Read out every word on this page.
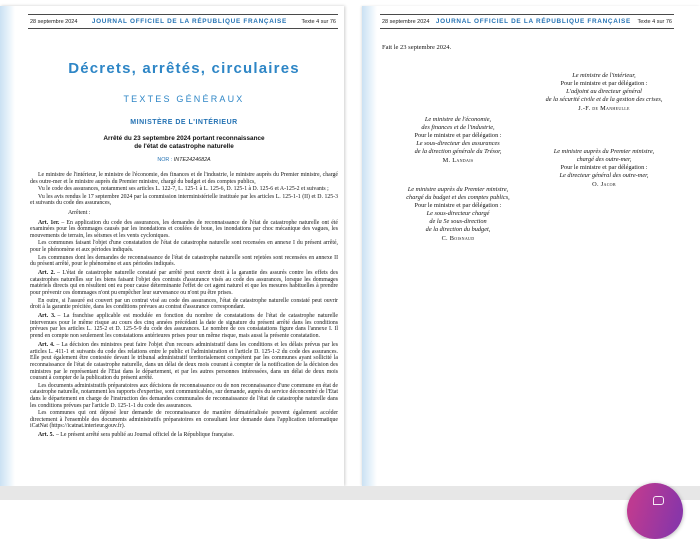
28 septembre 2024 JOURNAL OFFICIEL DE LA RÉPUBLIQUE FRANÇAISE	Texte 4 sur 76
Décrets, arrêtés, circulaires
TEXTES GÉNÉRAUX
MINISTÈRE DE L'INTÉRIEUR
Arrêté du 23 septembre 2024 portant reconnaissance
de l'état de catastrophe naturelle
NOR : INTE2424682A

Le ministre de l'intérieur, le ministre de l'économie, des finances et de l'industrie, le ministre auprès du Premier ministre, chargé des outre-mer et le ministre auprès du Premier ministre, chargé du budget et des comptes publics,

Vu le code des assurances, notamment ses articles L. 122-7, L. 125-1 à L. 125-6, D. 125-1 à D. 125-6 et A-125-2 et suivants ;

Vu les avis rendus le 17 septembre 2024 par la commission interministérielle instituée par les articles L. 125-1-1 (II) et D. 125-3 et suivants du code des assurances,

Arrêtent :

Art. 1er. – En application du code des assurances, les demandes de reconnaissance de l'état de catastrophe naturelle ont été examinées pour les dommages causés par les inondations et coulées de boue, les inondations par choc mécanique des vagues, les mouvements de terrain, les séismes et les vents cycloniques.

Les communes faisant l'objet d'une constatation de l'état de catastrophe naturelle sont recensées en annexe I du présent arrêté, pour le phénomène et aux périodes indiqués.

Les communes dont les demandes de reconnaissance de l'état de catastrophe naturelle sont rejetées sont recensées en annexe II du présent arrêté, pour le phénomène et aux périodes indiqués.

Art. 2. – L'état de catastrophe naturelle constaté par arrêté peut ouvrir droit à la garantie des assurés contre les effets des catastrophes naturelles sur les biens faisant l'objet des contrats d'assurance visés au code des assurances, lorsque les dommages matériels directs qui en résultent ont eu pour cause déterminante l'effet de cet agent naturel et que les mesures habituelles à prendre pour prévenir ces dommages n'ont pu empêcher leur survenance ou n'ont pu être prises.

En outre, si l'assuré est couvert par un contrat visé au code des assurances, l'état de catastrophe naturelle constaté peut ouvrir droit à la garantie précitée, dans les conditions prévues au contrat d'assurance correspondant.

Art. 3. – La franchise applicable est modulée en fonction du nombre de constatations de l'état de catastrophe naturelle intervenues pour le même risque au cours des cinq années précédant la date de signature du présent arrêté dans les conditions prévues par les articles L. 125-2 et D. 125-5-9 du code des assurances. Le nombre de ces constatations figure dans l'annexe I. Il prend en compte non seulement les constatations antérieures prises pour un même risque, mais aussi la présente constatation.

Art. 4. – La décision des ministres peut faire l'objet d'un recours administratif dans les conditions et les délais prévus par les articles L. 411-1 et suivants du code des relations entre le public et l'administration et l'article D. 125-1-2 du code des assurances. Elle peut également être contestée devant le tribunal administratif territorialement compétent par les communes ayant sollicité la reconnaissance de l'état de catastrophe naturelle, dans un délai de deux mois courant à compter de la notification de la décision des ministres par le représentant de l'Etat dans le département, et par les autres personnes intéressées, dans un délai de deux mois courant à compter de la publication du présent arrêté.

Les documents administratifs préparatoires aux décisions de reconnaissance ou de non reconnaissance d'une commune en état de catastrophe naturelle, notamment les rapports d'expertise, sont communicables, sur demande, auprès du service déconcentré de l'Etat dans le département en charge de l'instruction des demandes communales de reconnaissance de l'état de catastrophe naturelle dans les conditions prévues par l'article D. 125-1-1 du code des assurances.

Les communes qui ont déposé leur demande de reconnaissance de manière dématérialisée peuvent également accéder directement à l'ensemble des documents administratifs préparatoires en consultant leur demande dans l'application informatique iCatNat (https://icatnat.interieur.gouv.fr).

Art. 5. – Le présent arrêté sera publié au Journal officiel de la République française.

28 septembre 2024 JOURNAL OFFICIEL DE LA RÉPUBLIQUE FRANÇAISE Texte 4 sur 76
Fait le 23 septembre 2024.
Le ministre de l'intérieur,
Pour le ministre et par délégation :
L'adjoint au directeur général
de la sécurité civile et de la gestion des crises,
J.-F. de Manheulle
Le ministre de l'économie,
des finances et de l'industrie,
Pour le ministre et par délégation :
Le sous-directeur des assurances
de la direction générale du Trésor,
M. Landais
Le ministre auprès du Premier ministre,
chargé des outre-mer,
Pour le ministre et par délégation :
Le directeur général des outre-mer,
O. Jacob
Le ministre auprès du Premier ministre,
chargé du budget et des comptes publics,
Pour le ministre et par délégation :
Le sous-directeur chargé
de la 5e sous-direction
de la direction du budget,
C. Boisnaud
